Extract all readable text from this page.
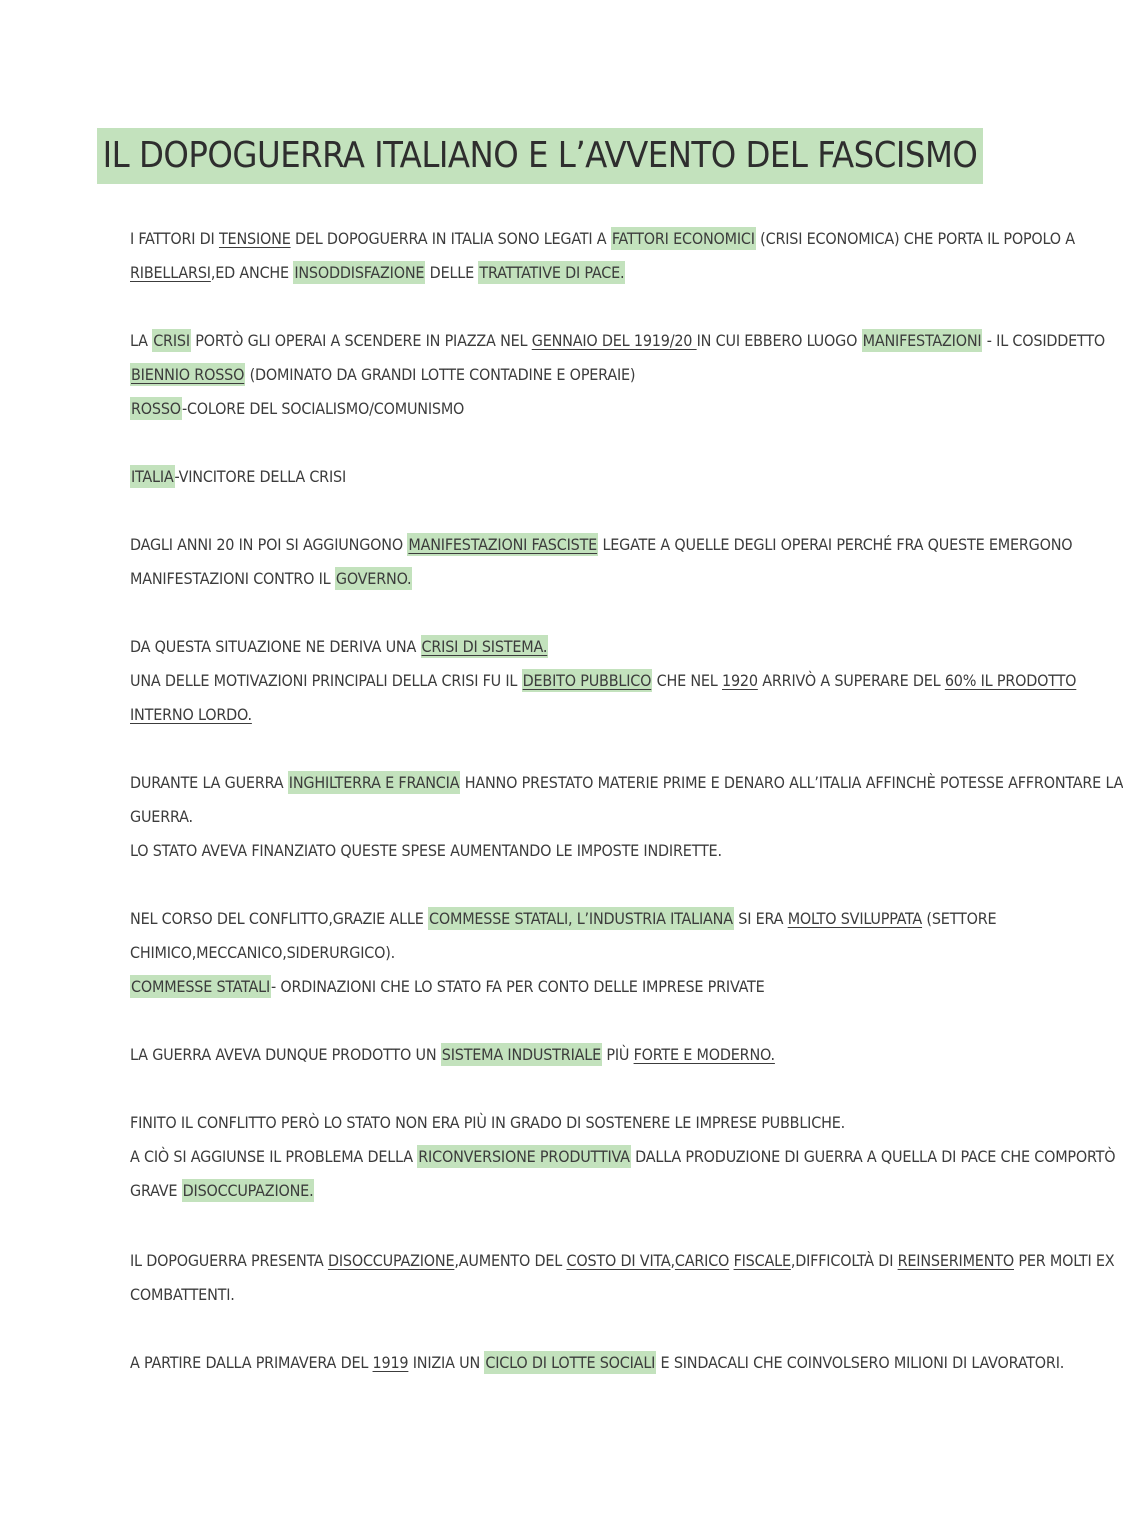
IL DOPOGUERRA ITALIANO E L’AVVENTO DEL FASCISMO

I FATTORI DI TENSIONE DEL DOPOGUERRA IN ITALIA SONO LEGATI A FATTORI ECONOMICI (CRISI ECONOMICA) CHE PORTA IL POPOLO A
RIBELLARSI,ED ANCHE INSODDISFAZIONE DELLE TRATTATIVE DI PACE.

LA CRISI PORTÒ GLI OPERAI A SCENDERE IN PIAZZA NEL GENNAIO DEL 1919/20 IN CUI EBBERO LUOGO MANIFESTAZIONI - IL COSIDDETTO
BIENNIO ROSSO (DOMINATO DA GRANDI LOTTE CONTADINE E OPERAIE)
ROSSO-COLORE DEL SOCIALISMO/COMUNISMO

ITALIA-VINCITORE DELLA CRISI

DAGLI ANNI 20 IN POI SI AGGIUNGONO MANIFESTAZIONI FASCISTE LEGATE A QUELLE DEGLI OPERAI PERCHÉ FRA QUESTE EMERGONO
MANIFESTAZIONI CONTRO IL GOVERNO.

DA QUESTA SITUAZIONE NE DERIVA UNA CRISI DI SISTEMA.
UNA DELLE MOTIVAZIONI PRINCIPALI DELLA CRISI FU IL DEBITO PUBBLICO CHE NEL 1920 ARRIVÒ A SUPERARE DEL 60% IL PRODOTTO
INTERNO LORDO.

DURANTE LA GUERRA INGHILTERRA E FRANCIA HANNO PRESTATO MATERIE PRIME E DENARO ALL’ITALIA AFFINCHÈ POTESSE AFFRONTARE LA
GUERRA.
LO STATO AVEVA FINANZIATO QUESTE SPESE AUMENTANDO LE IMPOSTE INDIRETTE.

NEL CORSO DEL CONFLITTO,GRAZIE ALLE COMMESSE STATALI, L’INDUSTRIA ITALIANA SI ERA MOLTO SVILUPPATA (SETTORE
CHIMICO,MECCANICO,SIDERURGICO).
COMMESSE STATALI- ORDINAZIONI CHE LO STATO FA PER CONTO DELLE IMPRESE PRIVATE

LA GUERRA AVEVA DUNQUE PRODOTTO UN SISTEMA INDUSTRIALE PIÙ FORTE E MODERNO.

FINITO IL CONFLITTO PERÒ LO STATO NON ERA PIÙ IN GRADO DI SOSTENERE LE IMPRESE PUBBLICHE.
A CIÒ SI AGGIUNSE IL PROBLEMA DELLA RICONVERSIONE PRODUTTIVA DALLA PRODUZIONE DI GUERRA A QUELLA DI PACE CHE COMPORTÒ
GRAVE DISOCCUPAZIONE.

IL DOPOGUERRA PRESENTA DISOCCUPAZIONE,AUMENTO DEL COSTO DI VITA,CARICO FISCALE,DIFFICOLTÀ DI REINSERIMENTO PER MOLTI EX
COMBATTENTI.

A PARTIRE DALLA PRIMAVERA DEL 1919 INIZIA UN CICLO DI LOTTE SOCIALI E SINDACALI CHE COINVOLSERO MILIONI DI LAVORATORI.
